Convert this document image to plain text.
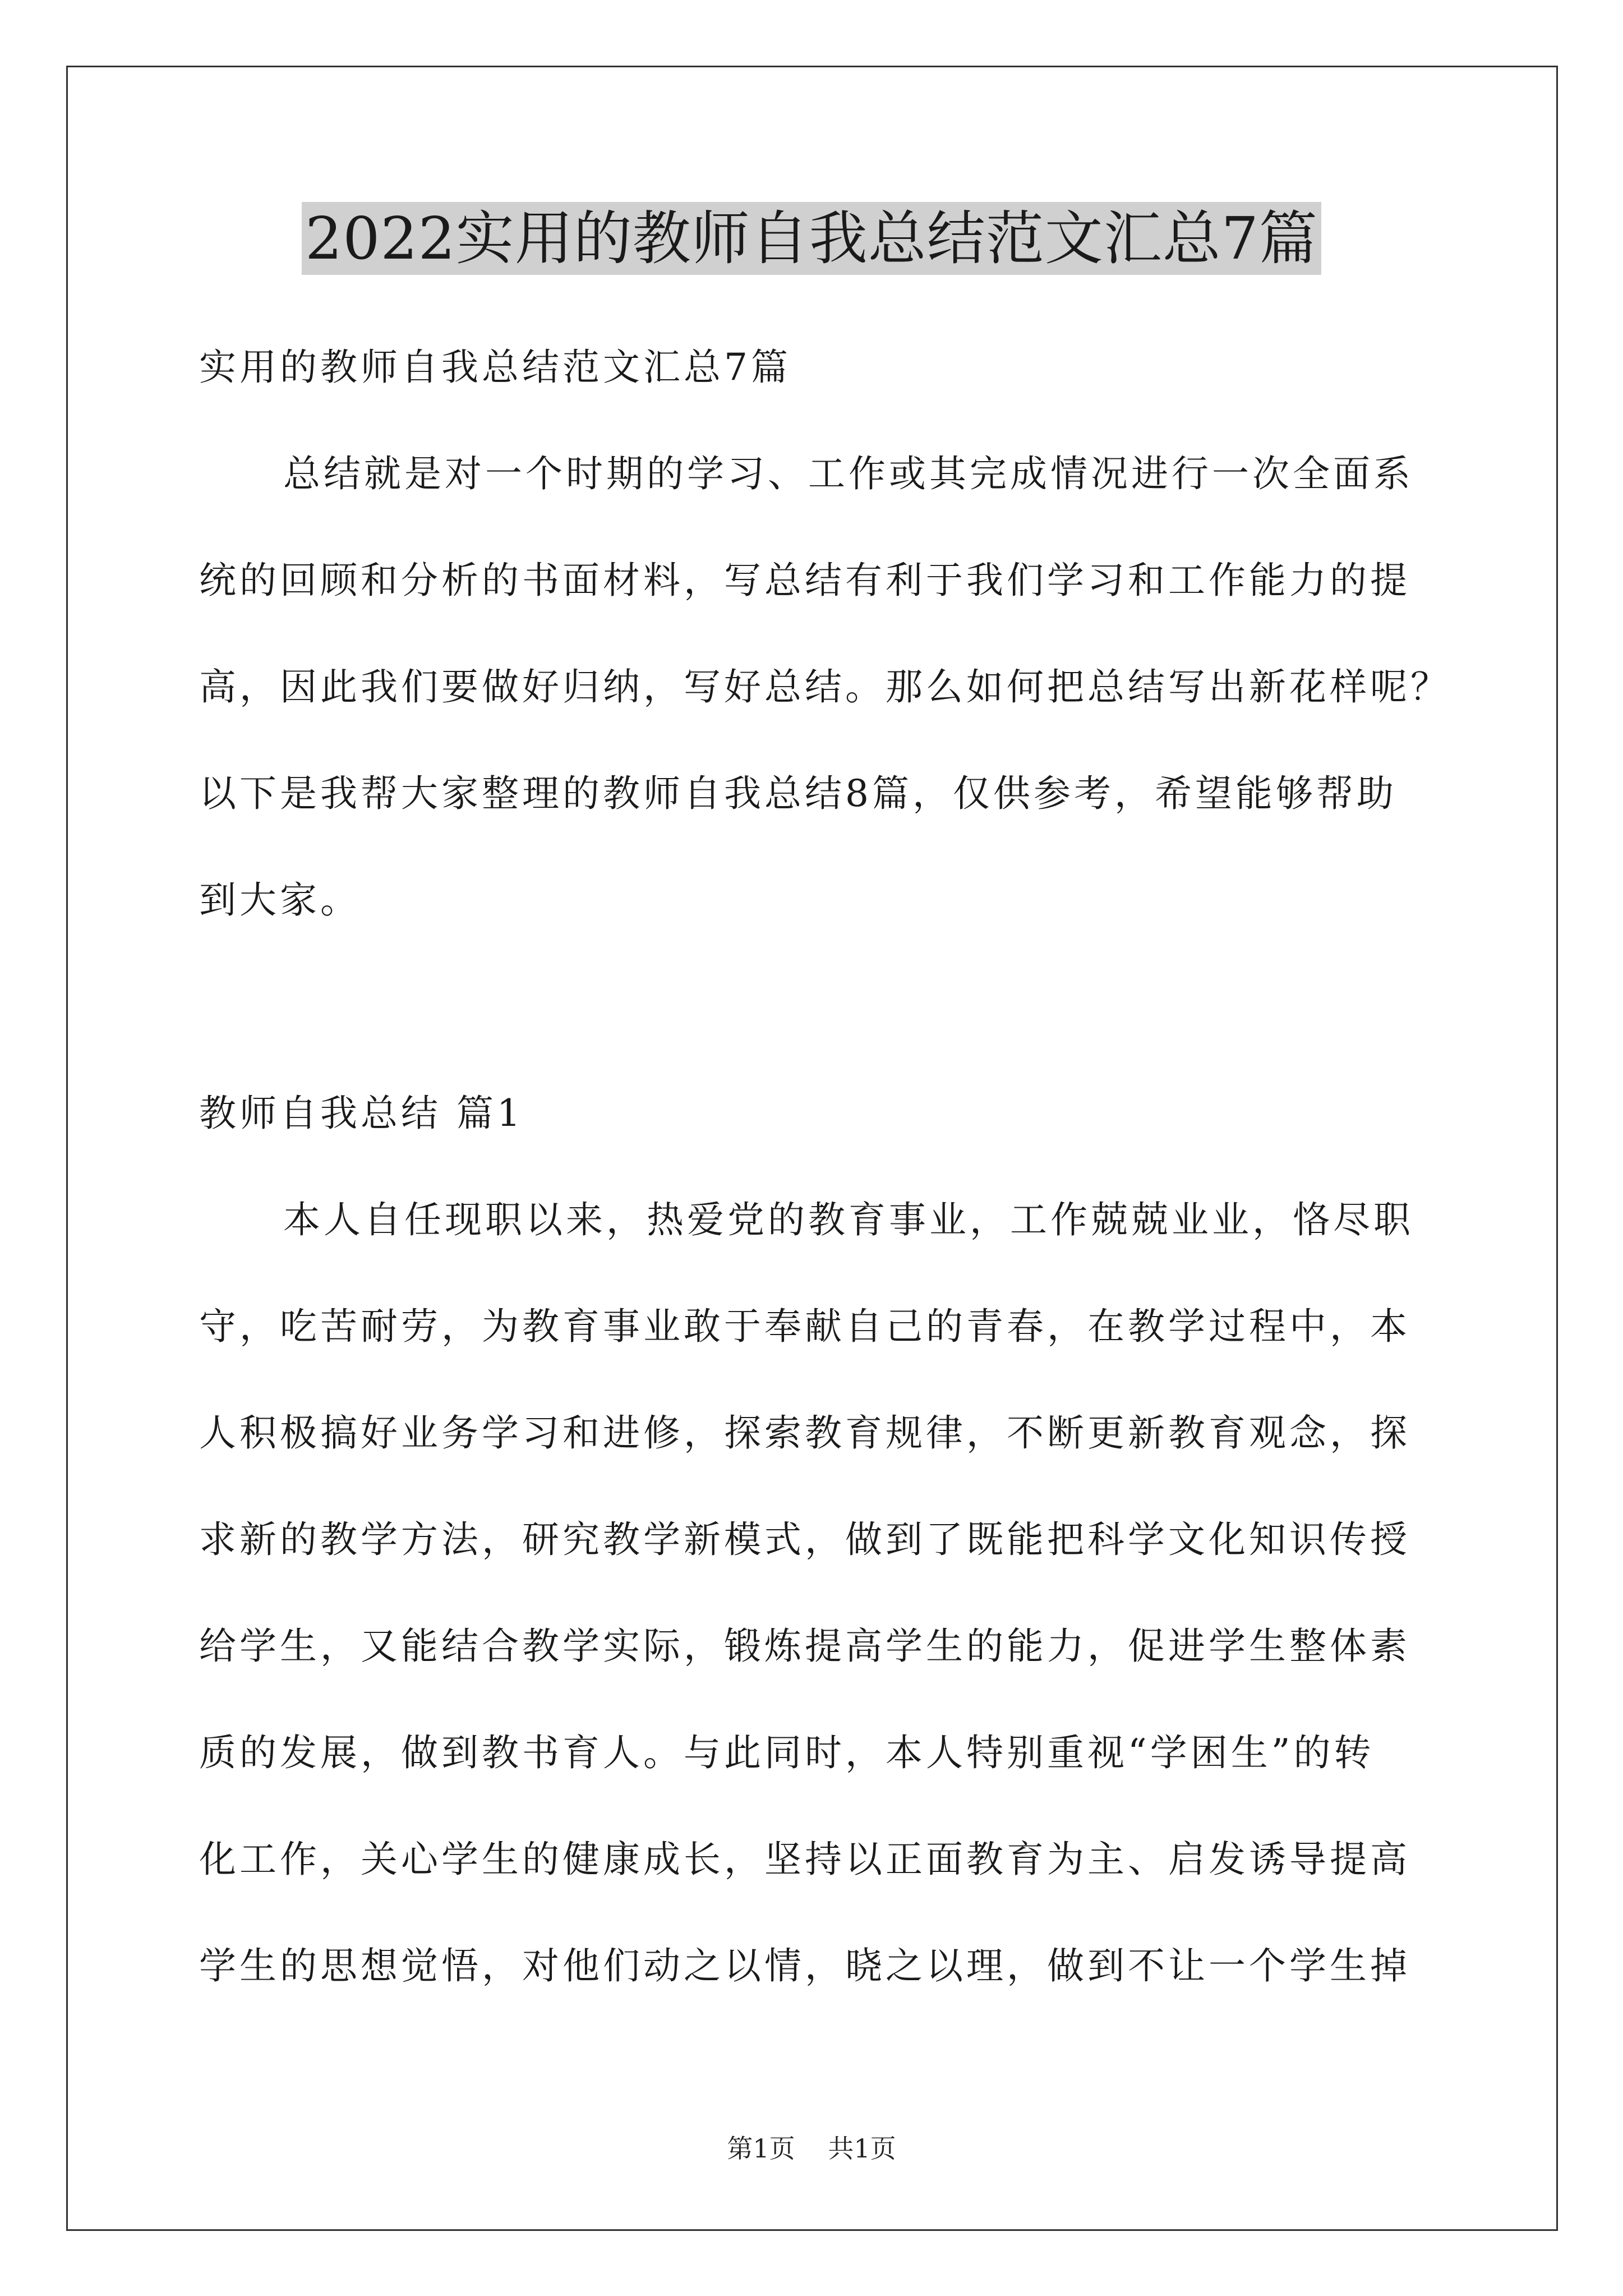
2022实用的教师自我总结范文汇总7篇
实用的教师自我总结范文汇总7篇
总结就是对一个时期的学习、工作或其完成情况进行一次全面系
统的回顾和分析的书面材料，写总结有利于我们学习和工作能力的提
高，因此我们要做好归纳，写好总结。那么如何把总结写出新花样呢？
以下是我帮大家整理的教师自我总结8篇，仅供参考，希望能够帮助
到大家。
教师自我总结 篇1
本人自任现职以来，热爱党的教育事业，工作兢兢业业，恪尽职
守，吃苦耐劳，为教育事业敢于奉献自己的青春，在教学过程中，本
人积极搞好业务学习和进修，探索教育规律，不断更新教育观念，探
求新的教学方法，研究教学新模式，做到了既能把科学文化知识传授
给学生，又能结合教学实际，锻炼提高学生的能力，促进学生整体素
质的发展，做到教书育人。与此同时，本人特别重视“学困生”的转
化工作，关心学生的健康成长，坚持以正面教育为主、启发诱导提高
学生的思想觉悟，对他们动之以情，晓之以理，做到不让一个学生掉
第1页 共1页
